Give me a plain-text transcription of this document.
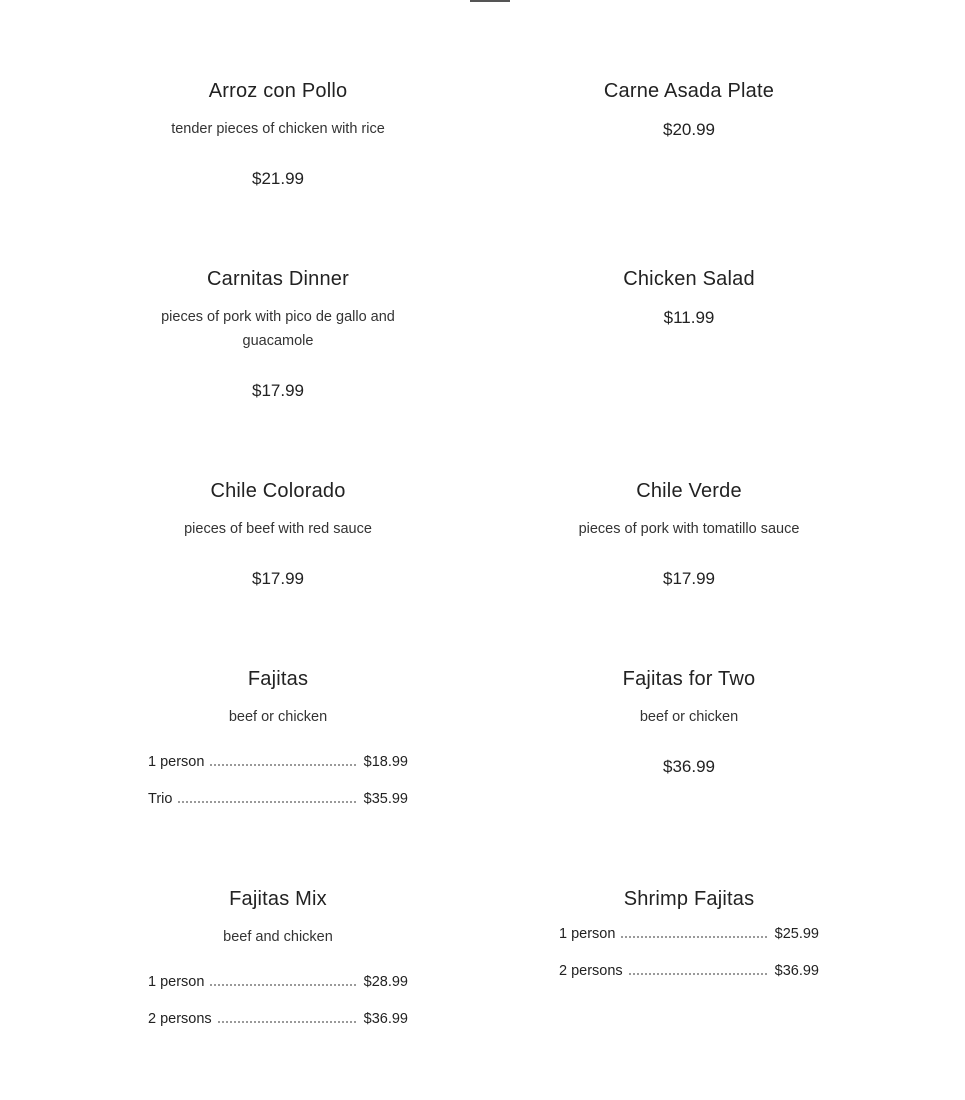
Arroz con Pollo

tender pieces of chicken with rice

$21.99

Carne Asada Plate

$20.99

Carnitas Dinner

pieces of pork with pico de gallo and guacamole

$17.99

Chicken Salad

$11.99

Chile Colorado

pieces of beef with red sauce

$17.99

Chile Verde

pieces of pork with tomatillo sauce

$17.99

Fajitas

beef or chicken

1 person	$18.99
Trio	$35.99
Fajitas for Two

beef or chicken

$36.99

Fajitas Mix

beef and chicken

1 person	$28.99
2 persons	$36.99
Shrimp Fajitas
1 person	$25.99
2 persons	$36.99
